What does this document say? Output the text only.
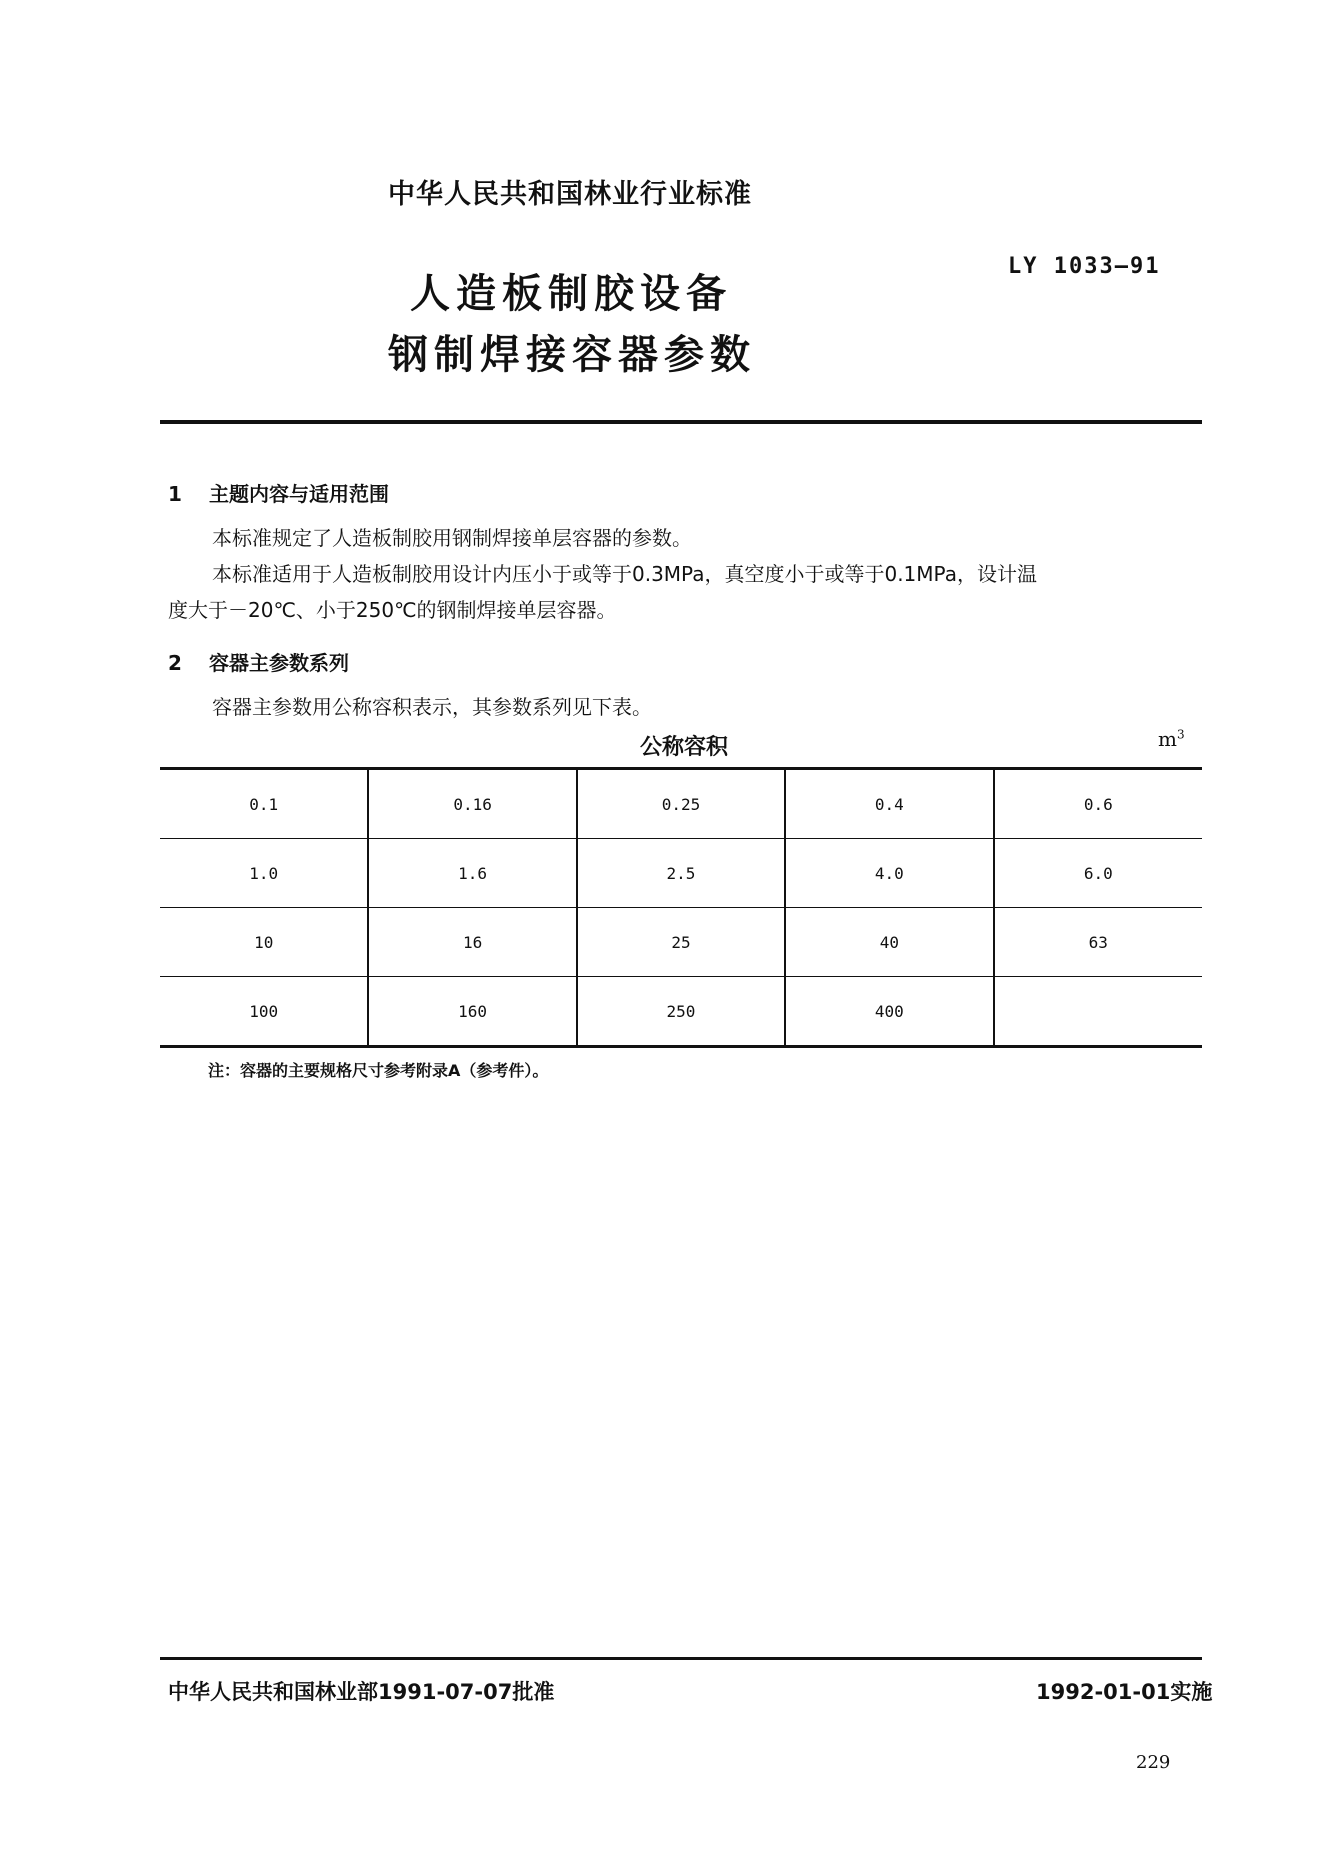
中华人民共和国林业行业标准
LY 1033—91
人造板制胶设备
钢制焊接容器参数
1 主题内容与适用范围
本标准规定了人造板制胶用钢制焊接单层容器的参数。
本标准适用于人造板制胶用设计内压小于或等于0.3MPa，真空度小于或等于0.1MPa，设计温
度大于－20℃、小于250℃的钢制焊接单层容器。
2 容器主参数系列
容器主参数用公称容积表示，其参数系列见下表。
公称容积	$m^3$
0.1	0.16	0.25	0.4	0.6
1.0	1.6	2.5	4.0	6.0
10	16	25	40	63
100	160	250	400	
注：容器的主要规格尺寸参考附录A（参考件）。
中华人民共和国林业部1991-07-07批准	1992-01-01实施
229
